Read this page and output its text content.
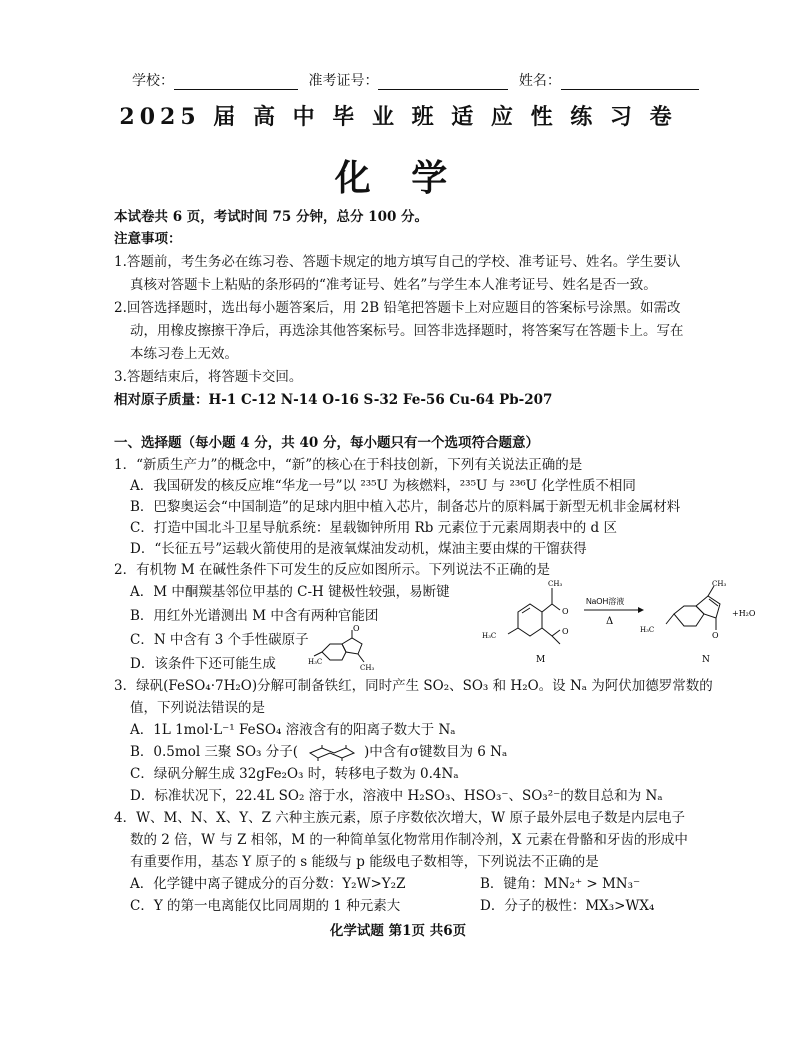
学校：	准考证号：	姓名：
2025 届 高 中 毕 业 班 适 应 性 练 习 卷
化 学
本试卷共 6 页，考试时间 75 分钟，总分 100 分。
注意事项：
1.答题前，考生务必在练习卷、答题卡规定的地方填写自己的学校、准考证号、姓名。学生要认
真核对答题卡上粘贴的条形码的“准考证号、姓名”与学生本人准考证号、姓名是否一致。
2.回答选择题时，选出每小题答案后，用 2B 铅笔把答题卡上对应题目的答案标号涂黑。如需改
动，用橡皮擦擦干净后，再选涂其他答案标号。回答非选择题时，将答案写在答题卡上。写在
本练习卷上无效。
3.答题结束后，将答题卡交回。
相对原子质量：H-1 C-12 N-14 O-16 S-32 Fe-56 Cu-64 Pb-207
一、选择题（每小题 4 分，共 40 分，每小题只有一个选项符合题意）
1．“新质生产力”的概念中，“新”的核心在于科技创新，下列有关说法正确的是
A．我国研发的核反应堆“华龙一号”以 ²³⁵U 为核燃料，²³⁵U 与 ²³⁶U 化学性质不相同
B．巴黎奥运会“中国制造”的足球内胆中植入芯片，制备芯片的原料属于新型无机非金属材料
C．打造中国北斗卫星导航系统：星载铷钟所用 Rb 元素位于元素周期表中的 d 区
D．“长征五号”运载火箭使用的是液氧煤油发动机，煤油主要由煤的干馏获得
2．有机物 M 在碱性条件下可发生的反应如图所示。下列说法不正确的是
A．M 中酮羰基邻位甲基的 C-H 键极性较强，易断键
B．用红外光谱测出 M 中含有两种官能团
C．N 中含有 3 个手性碳原子
D．该条件下还可能生成
O
H₃C
CH₃
CH₃
O
O
H₃C
M
NaOH溶液
Δ
CH₃
O
H₃C
+H₂O
N
3．绿矾(FeSO₄·7H₂O)分解可制备铁红，同时产生 SO₂、SO₃ 和 H₂O。设 Nₐ 为阿伏加德罗常数的
值，下列说法错误的是
A．1L 1mol·L⁻¹ FeSO₄ 溶液含有的阳离子数大于 Nₐ
B．0.5mol 三聚 SO₃ 分子(	)中含有σ键数目为 6 Nₐ
C．绿矾分解生成 32gFe₂O₃ 时，转移电子数为 0.4Nₐ
D．标准状况下，22.4L SO₂ 溶于水，溶液中 H₂SO₃、HSO₃⁻、SO₃²⁻的数目总和为 Nₐ
4．W、M、N、X、Y、Z 六种主族元素，原子序数依次增大，W 原子最外层电子数是内层电子
数的 2 倍，W 与 Z 相邻，M 的一种简单氢化物常用作制冷剂，X 元素在骨骼和牙齿的形成中
有重要作用，基态 Y 原子的 s 能级与 p 能级电子数相等，下列说法不正确的是
A．化学键中离子键成分的百分数：Y₂W>Y₂Z	B．键角：MN₂⁺ > MN₃⁻
C．Y 的第一电离能仅比同周期的 1 种元素大	D．分子的极性：MX₃>WX₄
化学试题 第1页 共6页
